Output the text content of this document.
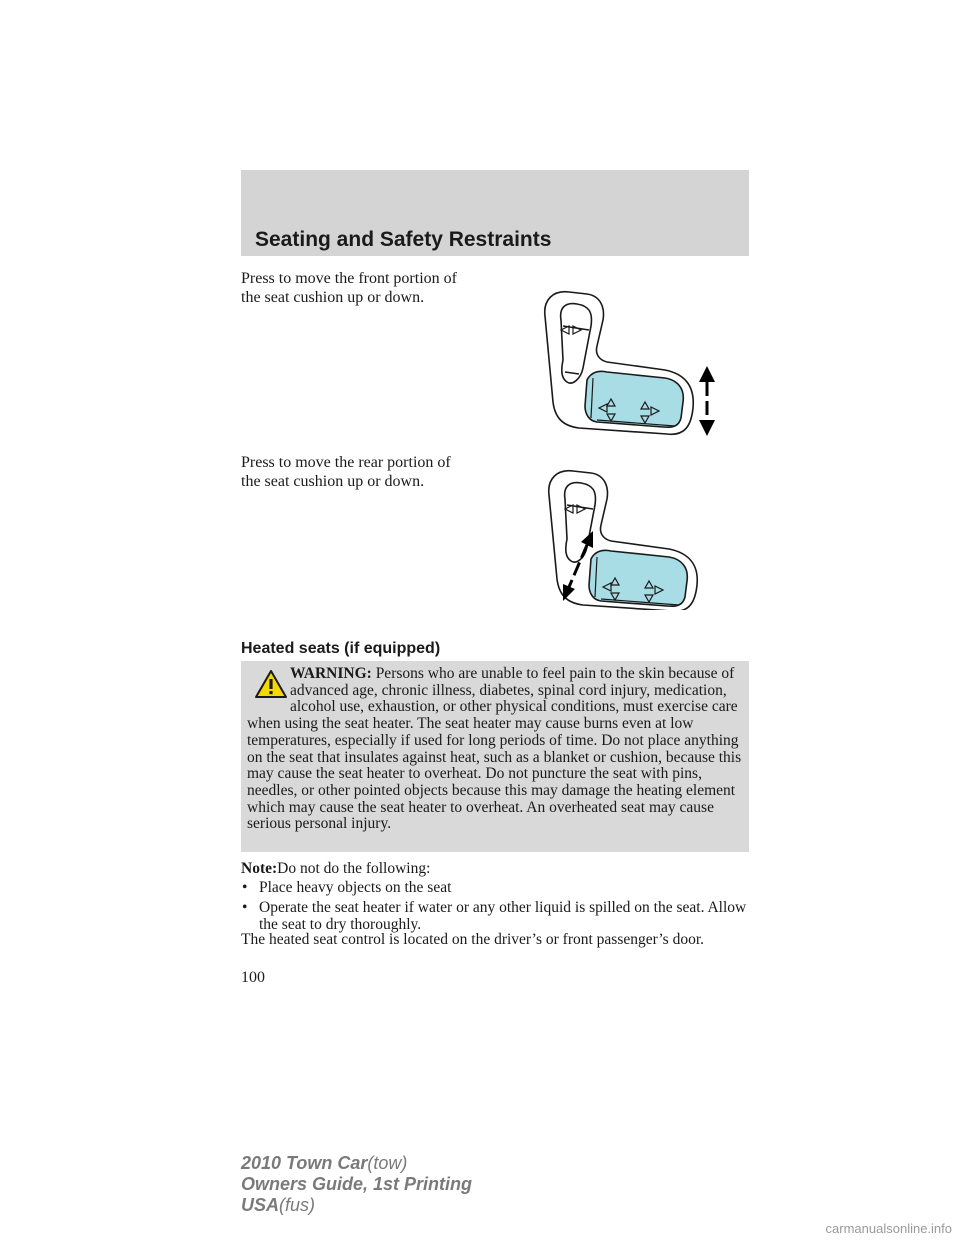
Seating and Safety Restraints

Press to move the front portion of
the seat cushion up or down.

Press to move the rear portion of
the seat cushion up or down.

Heated seats (if equipped)

WARNING: Persons who are unable to feel pain to the skin because of advanced age, chronic illness, diabetes, spinal cord injury, medication, alcohol use, exhaustion, or other physical conditions, must exercise care when using the seat heater. The seat heater may cause burns even at low temperatures, especially if used for long periods of time. Do not place anything on the seat that insulates against heat, such as a blanket or cushion, because this may cause the seat heater to overheat. Do not puncture the seat with pins, needles, or other pointed objects because this may damage the heating element which may cause the seat heater to overheat. An overheated seat may cause serious personal injury.

Note:Do not do the following:

• Place heavy objects on the seat
• Operate the seat heater if water or any other liquid is spilled on the seat. Allow the seat to dry thoroughly.

The heated seat control is located on the driver’s or front passenger’s door.

100

2010 Town Car(tow)
Owners Guide, 1st Printing
USA(fus)

carmanualsonline.info
